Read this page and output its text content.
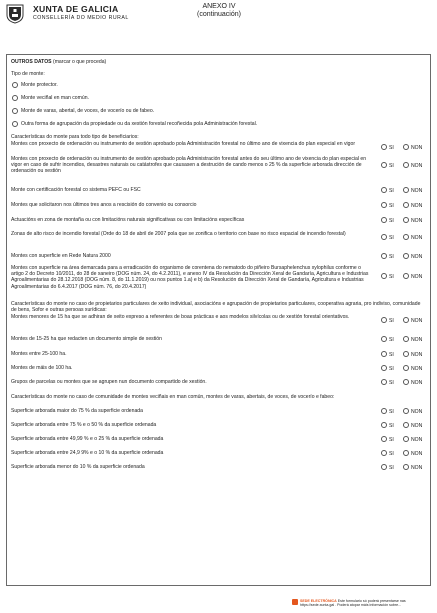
XUNTA DE GALICIA
CONSELLERÍA DO MEDIO RURAL
ANEXO IV
(continuación)
OUTROS DATOS (marcar o que proceda)
Tipo de monte:
Monte protector.
Monte veciñal en man común.
Monte de varas, abertal, de voces, de vocerío ou de fabeo.
Outra forma de agrupación da propiedade ou da xestión forestal recoñecida pola Administración forestal.
Características do monte para todo tipo de beneficiarios:
Montes con proxecto de ordenación ou instrumento de xestión aprobado pola Administración forestal no último ano de vixencia do plan especial en vigor
SI	NON
Montes con proxecto de ordenación ou instrumento de xestión aprobado pola Administración forestal antes do seu último ano de vixencia do plan especial en vigor en caso de sufrir incendios, desastres naturais ou catástrofes que causasen a destrución de cando menos o 25 % da superficie arborada dirección de ordenación ou xestión
SI	NON
Monte con certificación forestal co sistema PEFC ou FSC	SI	NON
Montes que solicitaron nos últimos tres anos a rescisión do convenio ou consorcio	SI	NON
Actuacións en zona de montaña ou con limitacións naturais significativas ou con limitacións específicas	SI	NON
Zonas de alto risco de incendio forestal (Orde do 18 de abril de 2007 pola que se zonifica o territorio con base no risco espacial de incendio forestal)
SI	NON
Montes con superficie en Rede Natura 2000	SI	NON
Montes con superficie na área demarcada para a erradicación do organismo de corentena do nematodo do piñeiro Bursaphelenchus xylophilus conforme o artigo 2 do Decreto 10/2011, do 28 de xaneiro (DOG núm. 24, do 4.2.2011), e anexo IV da Resolución da Dirección Xeral de Gandaría, Agricultura e Industrias Agroalimentarias do 28.12.2018 (DOG núm. 8, do 11.1.2019) ou nos puntos 1.a) e b) da Resolución da Dirección Xeral de Gandaría, Agricultura e Industrias Agroalimentarias do 6.4.2017 (DOG núm. 76, do 20.4.2017)
SI	NON
Características do monte no caso de propietarios particulares de xeito individual, asociacións e agrupación de propietarios particulares, cooperativa agraria, pro indiviso, comunidade de bens, Sofor e outras persoas xurídicas:
Montes menores de 15 ha que se adhiran de xeito expreso a referentes de boas prácticas e aos modelos silvícolas ou de xestión forestal orientativos.
SI	NON
Montes de 15-25 ha que redacten un documento simple de xestión	SI	NON
Montes entre 25-100 ha.	SI	NON
Montes de máis de 100 ha.	SI	NON
Grupos de parcelas ou montes que se agrupen nun documento compartido de xestión.	SI	NON
Características do monte no caso de comunidade de montes veciñais en man común, montes de varas, abertais, de voces, de vocerío e fabeo:
Superficie arborada maior do 75 % da superficie ordenada	SI	NON
Superficie arborada entre 75 % e o 50 % da superficie ordenada	SI	NON
Superficie arborada entre 49,99 % e o 25 % da superficie ordenada	SI	NON
Superficie arborada entre 24,9 9% e o 10 % da superficie ordenada	SI	NON
Superficie arborada menor do 10 % da superficie ordenada	SI	NON
SEDE ELECTRÓNICA Este formulario só poderá presentarse nas https://sede.xunta.gal . Poderá atopar máis información sobre...
